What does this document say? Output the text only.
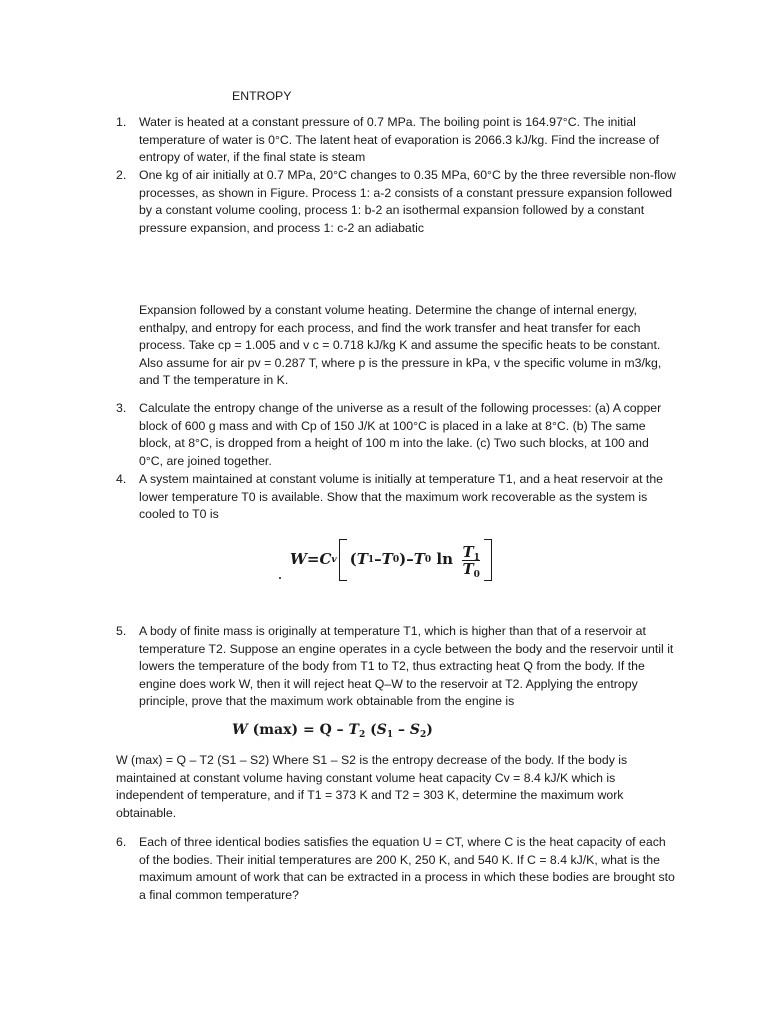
ENTROPY
1. Water is heated at a constant pressure of 0.7 MPa. The boiling point is 164.97°C. The initial temperature of water is 0°C. The latent heat of evaporation is 2066.3 kJ/kg. Find the increase of entropy of water, if the final state is steam
2. One kg of air initially at 0.7 MPa, 20°C changes to 0.35 MPa, 60°C by the three reversible non-flow processes, as shown in Figure. Process 1: a-2 consists of a constant pressure expansion followed by a constant volume cooling, process 1: b-2 an isothermal expansion followed by a constant pressure expansion, and process 1: c-2 an adiabatic
Expansion followed by a constant volume heating. Determine the change of internal energy, enthalpy, and entropy for each process, and find the work transfer and heat transfer for each process. Take cp = 1.005 and v c = 0.718 kJ/kg K and assume the specific heats to be constant. Also assume for air pv = 0.287 T, where p is the pressure in kPa, v the specific volume in m3/kg, and T the temperature in K.
3. Calculate the entropy change of the universe as a result of the following processes: (a) A copper block of 600 g mass and with Cp of 150 J/K at 100°C is placed in a lake at 8°C. (b) The same block, at 8°C, is dropped from a height of 100 m into the lake. (c) Two such blocks, at 100 and 0°C, are joined together.
4. A system maintained at constant volume is initially at temperature T1, and a heat reservoir at the lower temperature T0 is available. Show that the maximum work recoverable as the system is cooled to T0 is
W = C v ( T 1 – T 0 ) – T 0 $\ln \frac{T_1}{T_0}$
5. A body of finite mass is originally at temperature T1, which is higher than that of a reservoir at temperature T2. Suppose an engine operates in a cycle between the body and the reservoir until it lowers the temperature of the body from T1 to T2, thus extracting heat Q from the body. If the engine does work W, then it will reject heat Q–W to the reservoir at T2. Applying the entropy principle, prove that the maximum work obtainable from the engine is
W $(\max) = Q - T_2$ $(S_1 - S_2)$
W (max) = Q – T2 (S1 – S2) Where S1 – S2 is the entropy decrease of the body. If the body is maintained at constant volume having constant volume heat capacity Cv = 8.4 kJ/K which is independent of temperature, and if T1 = 373 K and T2 = 303 K, determine the maximum work obtainable.
6. Each of three identical bodies satisfies the equation U = CT, where C is the heat capacity of each of the bodies. Their initial temperatures are 200 K, 250 K, and 540 K. If C = 8.4 kJ/K, what is the maximum amount of work that can be extracted in a process in which these bodies are brought sto a final common temperature?
